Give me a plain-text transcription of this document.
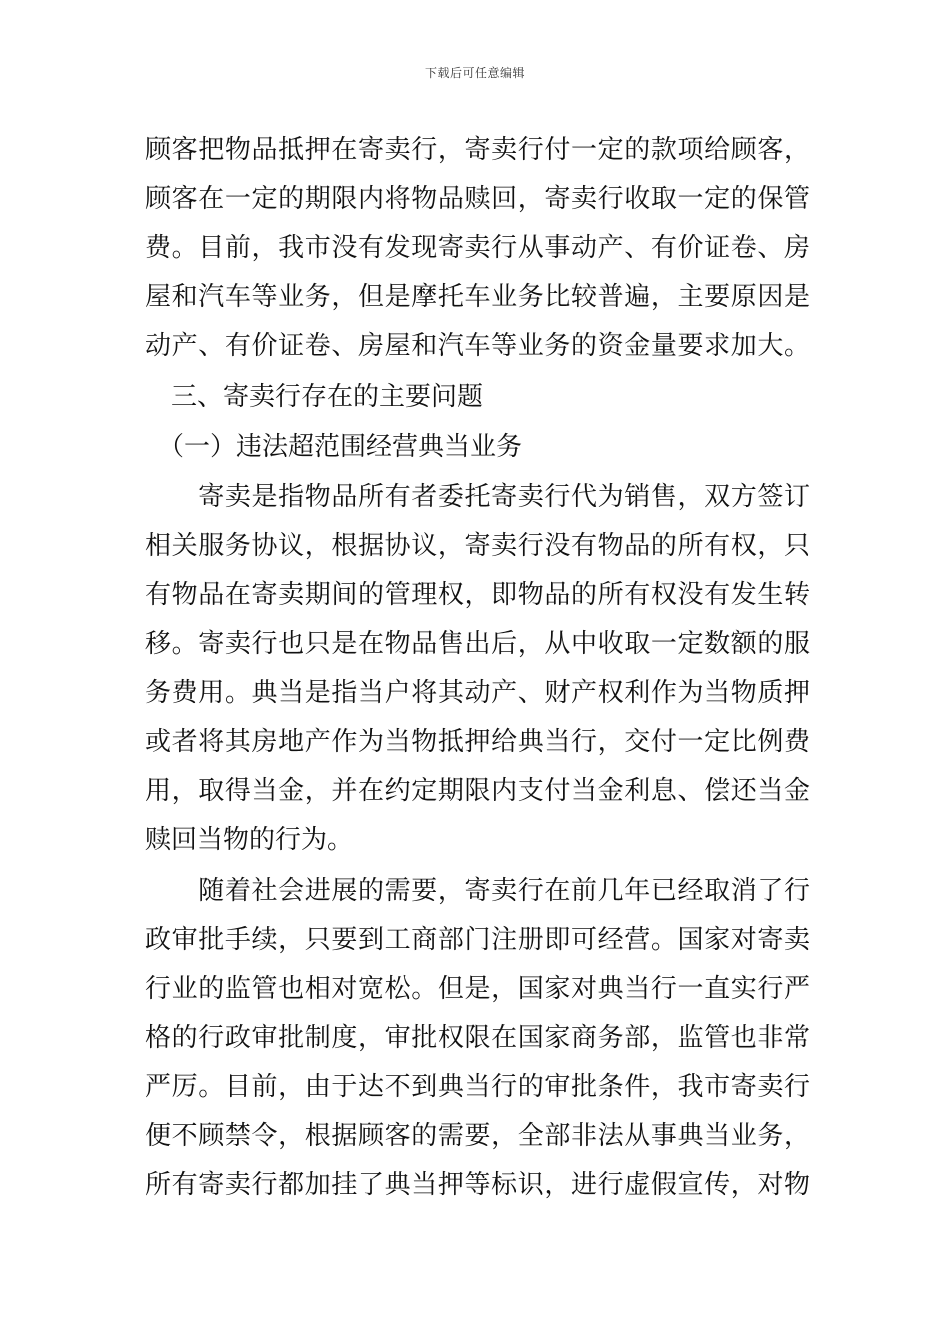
下载后可任意编辑
顾客把物品抵押在寄卖行，寄卖行付一定的款项给顾客，
顾客在一定的期限内将物品赎回，寄卖行收取一定的保管
费。目前，我市没有发现寄卖行从事动产、有价证卷、房
屋和汽车等业务，但是摩托车业务比较普遍，主要原因是
动产、有价证卷、房屋和汽车等业务的资金量要求加大。
　三、寄卖行存在的主要问题
　（一）违法超范围经营典当业务
　　寄卖是指物品所有者委托寄卖行代为销售，双方签订
相关服务协议，根据协议，寄卖行没有物品的所有权，只
有物品在寄卖期间的管理权，即物品的所有权没有发生转
移。寄卖行也只是在物品售出后，从中收取一定数额的服
务费用。典当是指当户将其动产、财产权利作为当物质押
或者将其房地产作为当物抵押给典当行，交付一定比例费
用，取得当金，并在约定期限内支付当金利息、偿还当金
赎回当物的行为。
　　随着社会进展的需要，寄卖行在前几年已经取消了行
政审批手续，只要到工商部门注册即可经营。国家对寄卖
行业的监管也相对宽松。但是，国家对典当行一直实行严
格的行政审批制度，审批权限在国家商务部，监管也非常
严厉。目前，由于达不到典当行的审批条件，我市寄卖行
便不顾禁令，根据顾客的需要，全部非法从事典当业务，
所有寄卖行都加挂了典当押等标识，进行虚假宣传，对物
